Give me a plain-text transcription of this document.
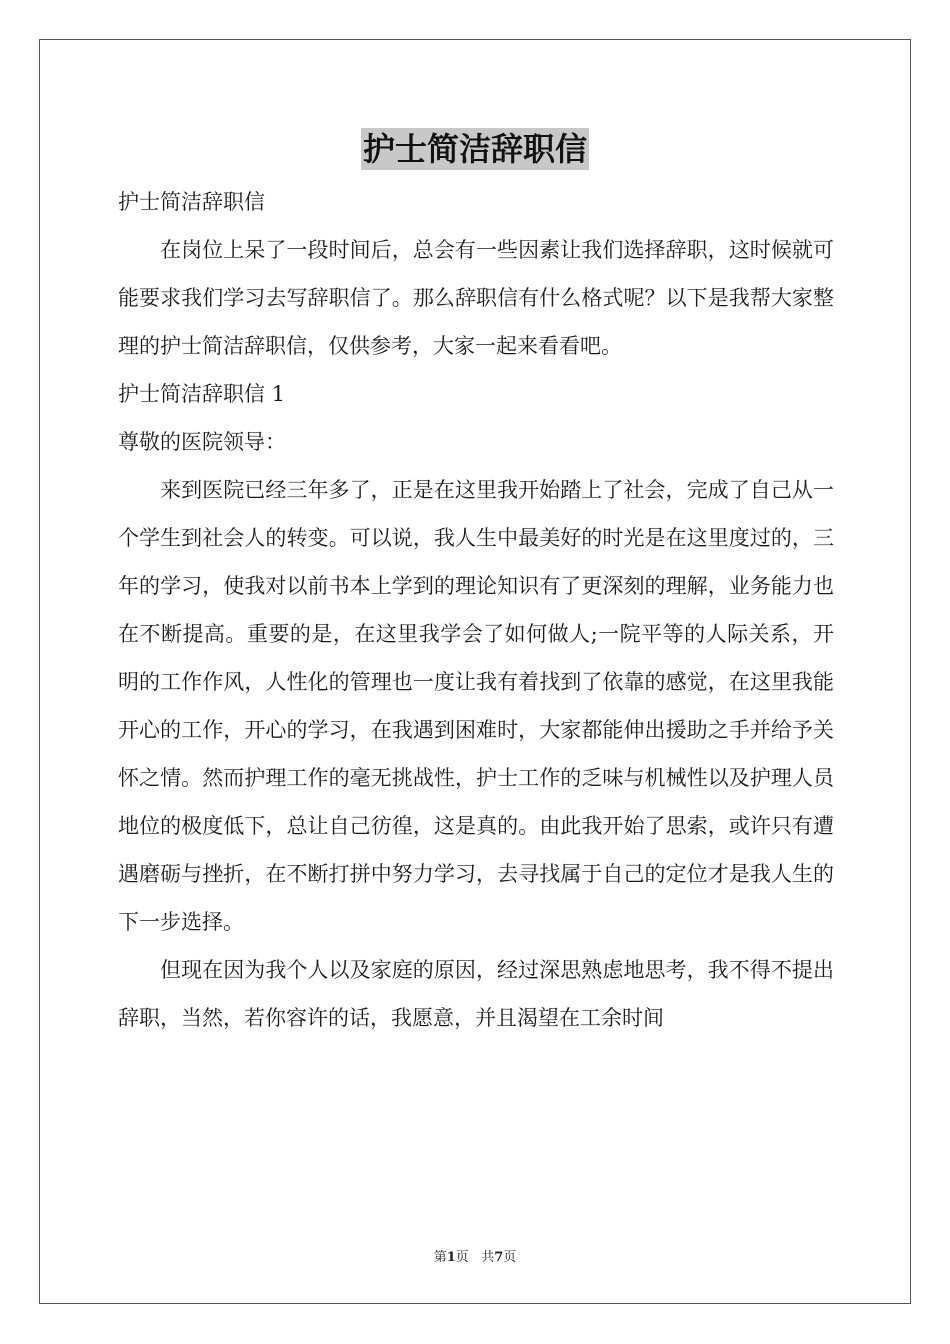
护士简洁辞职信

护士简洁辞职信

在岗位上呆了一段时间后，总会有一些因素让我们选择辞职，这时候就可能要求我们学习去写辞职信了。那么辞职信有什么格式呢？以下是我帮大家整理的护士简洁辞职信，仅供参考，大家一起来看看吧。

护士简洁辞职信 1

尊敬的医院领导：

来到医院已经三年多了，正是在这里我开始踏上了社会，完成了自己从一个学生到社会人的转变。可以说，我人生中最美好的时光是在这里度过的，三年的学习，使我对以前书本上学到的理论知识有了更深刻的理解，业务能力也在不断提高。重要的是，在这里我学会了如何做人;一院平等的人际关系，开明的工作作风，人性化的管理也一度让我有着找到了依靠的感觉，在这里我能开心的工作，开心的学习，在我遇到困难时，大家都能伸出援助之手并给予关怀之情。然而护理工作的毫无挑战性，护士工作的乏味与机械性以及护理人员地位的极度低下，总让自己彷徨，这是真的。由此我开始了思索，或许只有遭遇磨砺与挫折，在不断打拼中努力学习，去寻找属于自己的定位才是我人生的下一步选择。

但现在因为我个人以及家庭的原因，经过深思熟虑地思考，我不得不提出辞职，当然，若你容许的话，我愿意，并且渴望在工余时间

第1页 共7页
